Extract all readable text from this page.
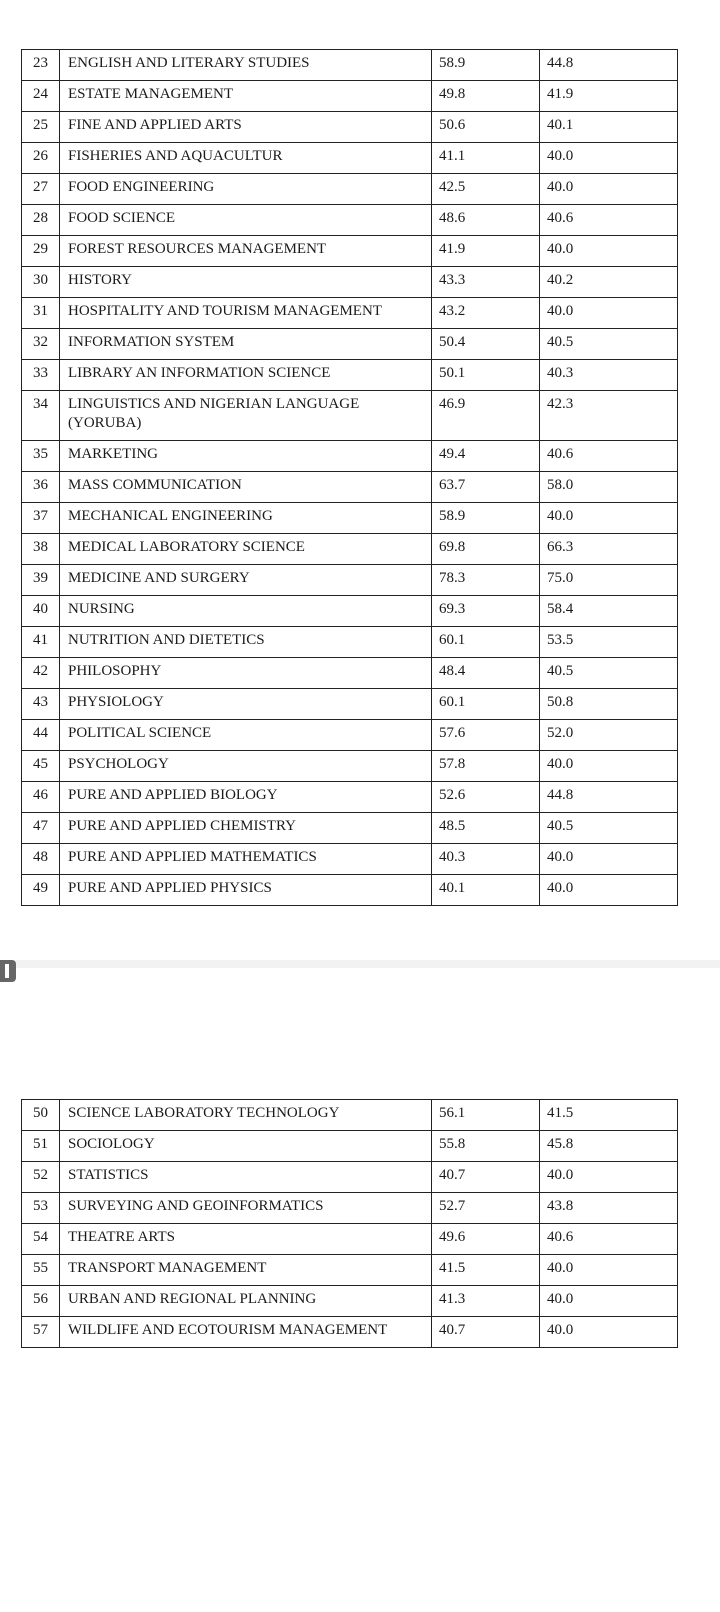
23	ENGLISH AND LITERARY STUDIES	58.9	44.8
24	ESTATE MANAGEMENT	49.8	41.9
25	FINE AND APPLIED ARTS	50.6	40.1
26	FISHERIES AND AQUACULTUR	41.1	40.0
27	FOOD ENGINEERING	42.5	40.0
28	FOOD SCIENCE	48.6	40.6
29	FOREST RESOURCES MANAGEMENT	41.9	40.0
30	HISTORY	43.3	40.2
31	HOSPITALITY AND TOURISM MANAGEMENT	43.2	40.0
32	INFORMATION SYSTEM	50.4	40.5
33	LIBRARY AN INFORMATION SCIENCE	50.1	40.3
34	LINGUISTICS AND NIGERIAN LANGUAGE (YORUBA)	46.9	42.3
35	MARKETING	49.4	40.6
36	MASS COMMUNICATION	63.7	58.0
37	MECHANICAL ENGINEERING	58.9	40.0
38	MEDICAL LABORATORY SCIENCE	69.8	66.3
39	MEDICINE AND SURGERY	78.3	75.0
40	NURSING	69.3	58.4
41	NUTRITION AND DIETETICS	60.1	53.5
42	PHILOSOPHY	48.4	40.5
43	PHYSIOLOGY	60.1	50.8
44	POLITICAL SCIENCE	57.6	52.0
45	PSYCHOLOGY	57.8	40.0
46	PURE AND APPLIED BIOLOGY	52.6	44.8
47	PURE AND APPLIED CHEMISTRY	48.5	40.5
48	PURE AND APPLIED MATHEMATICS	40.3	40.0
49	PURE AND APPLIED PHYSICS	40.1	40.0
50	SCIENCE LABORATORY TECHNOLOGY	56.1	41.5
51	SOCIOLOGY	55.8	45.8
52	STATISTICS	40.7	40.0
53	SURVEYING AND GEOINFORMATICS	52.7	43.8
54	THEATRE ARTS	49.6	40.6
55	TRANSPORT MANAGEMENT	41.5	40.0
56	URBAN AND REGIONAL PLANNING	41.3	40.0
57	WILDLIFE AND ECOTOURISM MANAGEMENT	40.7	40.0
